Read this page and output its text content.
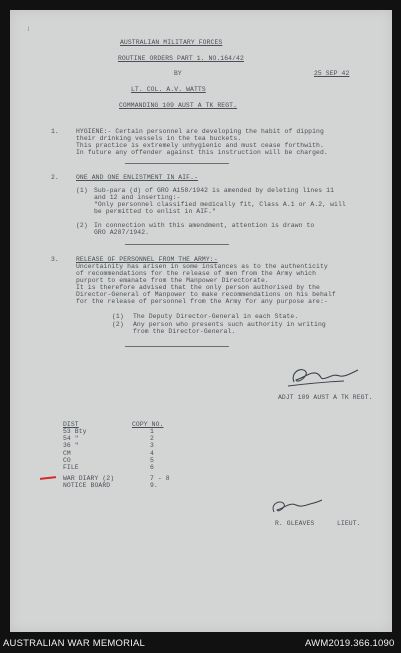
ʲ
AUSTRALIAN MILITARY FORCES
ROUTINE ORDERS PART 1. NO.164/42
BY	25 SEP 42
LT. COL. A.V. WATTS
COMMANDING 109 AUST A TK REGT.
1.	HYGIENE:- Certain personnel are developing the habit of dipping
their drinking vessels in the tea buckets.
This practice is extremely unhygienic and must cease forthwith.
In future any offender against this instruction will be charged.
2.	ONE AND ONE ENLISTMENT IN AIF.-
(1) Sub-para (d) of GRO A158/1942 is amended by deleting lines 11
and 12 and inserting:-
"Only personnel classified medically fit, Class A.1 or A.2, will
be permitted to enlist in AIF."
(2) In connection with this amendment, attention is drawn to
GRO A287/1942.
3.	RELEASE OF PERSONNEL FROM THE ARMY:-
Uncertainity has arisen in some instances as to the authenticity
of recommendations for the release of men from the Army which
purport to emanate from the Manpower Directorate.
It is therefore advised that the only person authorised by the
Director-General of Manpower to make recommendations on his behalf
for the release of personnel from the Army for any purpose are:-
(1) The Deputy Director-General in each State.
(2) Any person who presents such authority in writing
from the Director-General.
ADJT 109 AUST A TK REGT.
DIST	COPY NO.
53 Bty	1
54 "	2
36 "	3
CM	4
CO	5
FILE	6
WAR DIARY (2)	7 - 8
NOTICE BOARD	9.
R. GLEAVES	LIEUT.
AUSTRALIAN WAR MEMORIAL	AWM2019.366.1090
